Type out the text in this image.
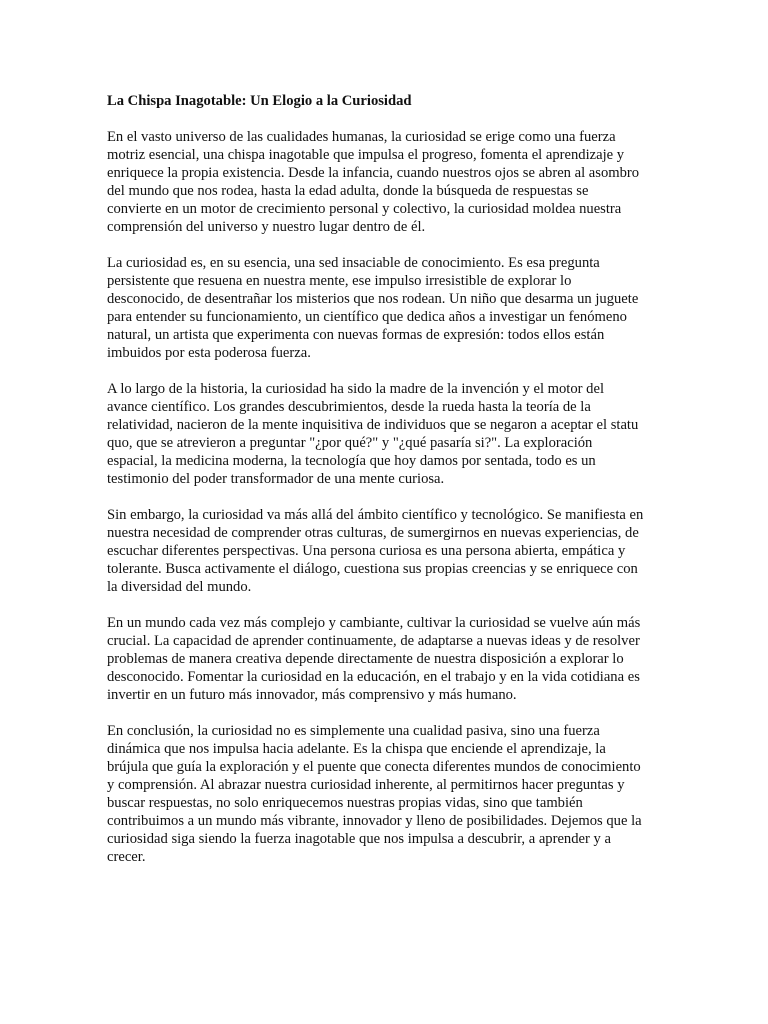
La Chispa Inagotable: Un Elogio a la Curiosidad

En el vasto universo de las cualidades humanas, la curiosidad se erige como una fuerza
motriz esencial, una chispa inagotable que impulsa el progreso, fomenta el aprendizaje y
enriquece la propia existencia. Desde la infancia, cuando nuestros ojos se abren al asombro
del mundo que nos rodea, hasta la edad adulta, donde la búsqueda de respuestas se
convierte en un motor de crecimiento personal y colectivo, la curiosidad moldea nuestra
comprensión del universo y nuestro lugar dentro de él.

La curiosidad es, en su esencia, una sed insaciable de conocimiento. Es esa pregunta
persistente que resuena en nuestra mente, ese impulso irresistible de explorar lo
desconocido, de desentrañar los misterios que nos rodean. Un niño que desarma un juguete
para entender su funcionamiento, un científico que dedica años a investigar un fenómeno
natural, un artista que experimenta con nuevas formas de expresión: todos ellos están
imbuidos por esta poderosa fuerza.

A lo largo de la historia, la curiosidad ha sido la madre de la invención y el motor del
avance científico. Los grandes descubrimientos, desde la rueda hasta la teoría de la
relatividad, nacieron de la mente inquisitiva de individuos que se negaron a aceptar el statu
quo, que se atrevieron a preguntar "¿por qué?" y "¿qué pasaría si?". La exploración
espacial, la medicina moderna, la tecnología que hoy damos por sentada, todo es un
testimonio del poder transformador de una mente curiosa.

Sin embargo, la curiosidad va más allá del ámbito científico y tecnológico. Se manifiesta en
nuestra necesidad de comprender otras culturas, de sumergirnos en nuevas experiencias, de
escuchar diferentes perspectivas. Una persona curiosa es una persona abierta, empática y
tolerante. Busca activamente el diálogo, cuestiona sus propias creencias y se enriquece con
la diversidad del mundo.

En un mundo cada vez más complejo y cambiante, cultivar la curiosidad se vuelve aún más
crucial. La capacidad de aprender continuamente, de adaptarse a nuevas ideas y de resolver
problemas de manera creativa depende directamente de nuestra disposición a explorar lo
desconocido. Fomentar la curiosidad en la educación, en el trabajo y en la vida cotidiana es
invertir en un futuro más innovador, más comprensivo y más humano.

En conclusión, la curiosidad no es simplemente una cualidad pasiva, sino una fuerza
dinámica que nos impulsa hacia adelante. Es la chispa que enciende el aprendizaje, la
brújula que guía la exploración y el puente que conecta diferentes mundos de conocimiento
y comprensión. Al abrazar nuestra curiosidad inherente, al permitirnos hacer preguntas y
buscar respuestas, no solo enriquecemos nuestras propias vidas, sino que también
contribuimos a un mundo más vibrante, innovador y lleno de posibilidades. Dejemos que la
curiosidad siga siendo la fuerza inagotable que nos impulsa a descubrir, a aprender y a
crecer.
